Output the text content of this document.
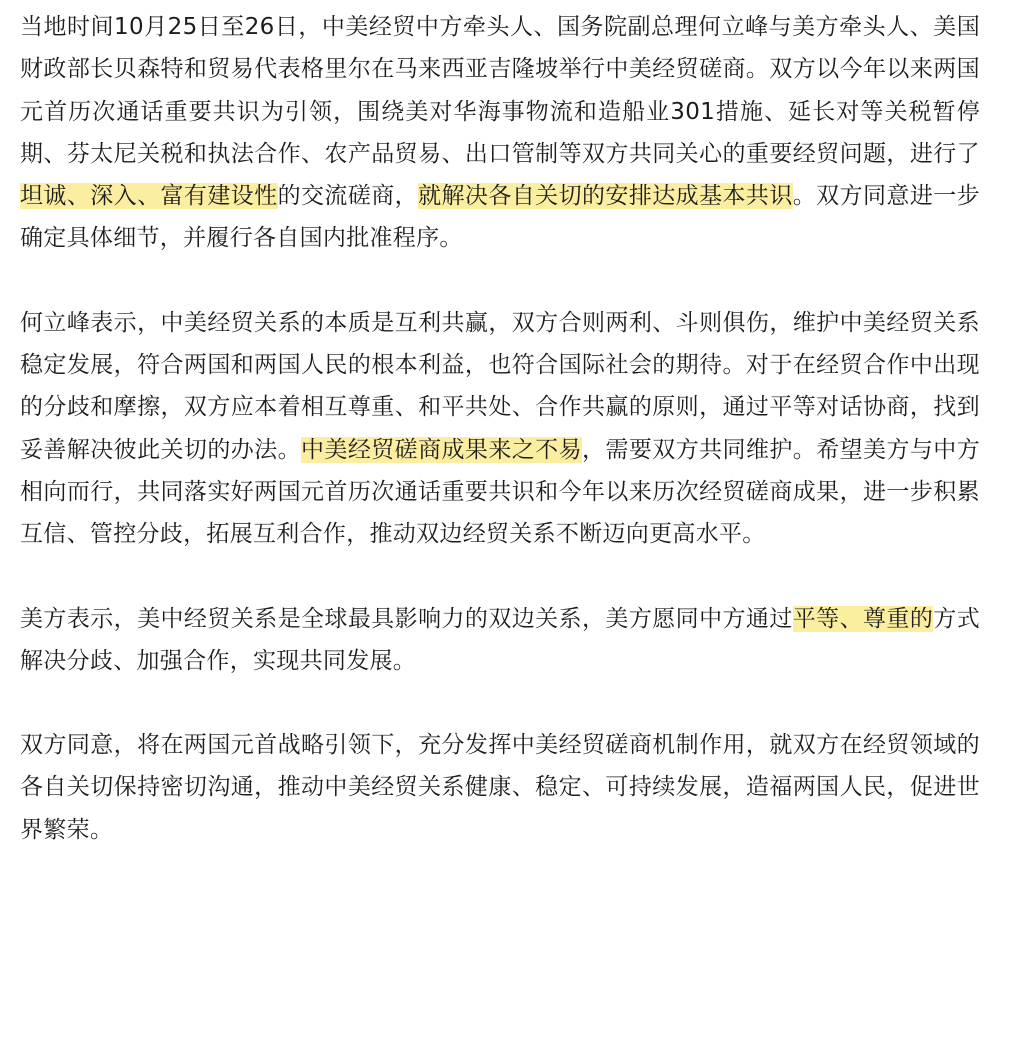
当地时间10月25日至26日，中美经贸中方牵头人、国务院副总理何立峰与美方牵头人、美国财政部长贝森特和贸易代表格里尔在马来西亚吉隆坡举行中美经贸磋商。双方以今年以来两国元首历次通话重要共识为引领，围绕美对华海事物流和造船业301措施、延长对等关税暂停期、芬太尼关税和执法合作、农产品贸易、出口管制等双方共同关心的重要经贸问题，进行了坦诚、深入、富有建设性的交流磋商，就解决各自关切的安排达成基本共识。双方同意进一步确定具体细节，并履行各自国内批准程序。

何立峰表示，中美经贸关系的本质是互利共赢，双方合则两利、斗则俱伤，维护中美经贸关系稳定发展，符合两国和两国人民的根本利益，也符合国际社会的期待。对于在经贸合作中出现的分歧和摩擦，双方应本着相互尊重、和平共处、合作共赢的原则，通过平等对话协商，找到妥善解决彼此关切的办法。中美经贸磋商成果来之不易，需要双方共同维护。希望美方与中方相向而行，共同落实好两国元首历次通话重要共识和今年以来历次经贸磋商成果，进一步积累互信、管控分歧，拓展互利合作，推动双边经贸关系不断迈向更高水平。

美方表示，美中经贸关系是全球最具影响力的双边关系，美方愿同中方通过平等、尊重的方式解决分歧、加强合作，实现共同发展。

双方同意，将在两国元首战略引领下，充分发挥中美经贸磋商机制作用，就双方在经贸领域的各自关切保持密切沟通，推动中美经贸关系健康、稳定、可持续发展，造福两国人民，促进世界繁荣。
